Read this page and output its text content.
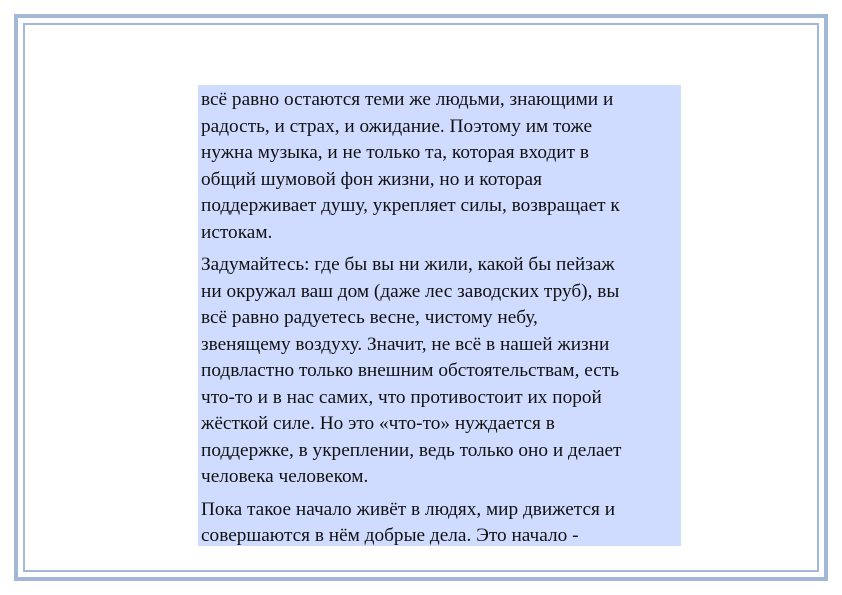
всё равно остаются теми же людьми, знающими и
радость, и страх, и ожидание. Поэтому им тоже
нужна музыка, и не только та, которая входит в
общий шумовой фон жизни, но и которая
поддерживает душу, укрепляет силы, возвращает к
истокам.

Задумайтесь: где бы вы ни жили, какой бы пейзаж
ни окружал ваш дом (даже лес заводских труб), вы
всё равно радуетесь весне, чистому небу,
звенящему воздуху. Значит, не всё в нашей жизни
подвластно только внешним обстоятельствам, есть
что-то и в нас самих, что противостоит их порой
жёсткой силе. Но это «что-то» нуждается в
поддержке, в укреплении, ведь только оно и делает
человека человеком.

Пока такое начало живёт в людях, мир движется и
совершаются в нём добрые дела. Это начало -
